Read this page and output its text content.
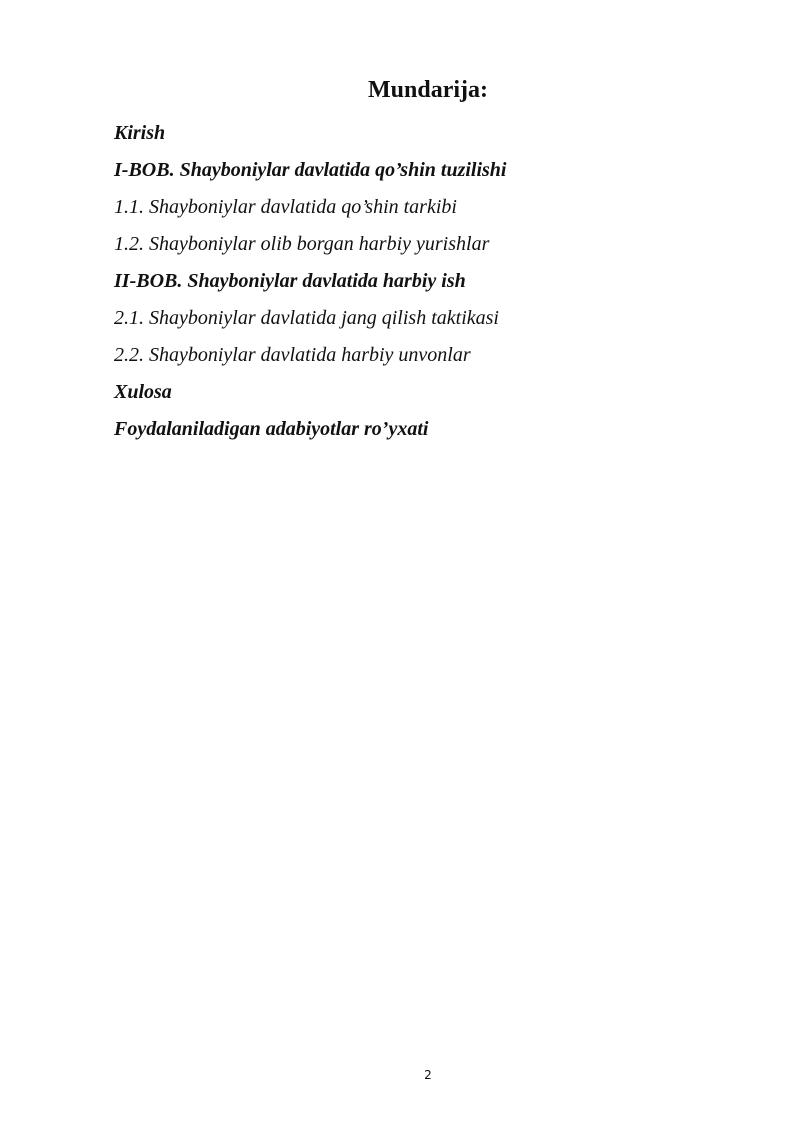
Mundarija:
Kirish
I-BOB. Shayboniylar davlatida qo’shin tuzilishi
1.1. Shayboniylar davlatida qo’shin tarkibi
1.2. Shayboniylar olib borgan harbiy yurishlar
II-BOB. Shayboniylar davlatida harbiy ish
2.1. Shayboniylar davlatida jang qilish taktikasi
2.2. Shayboniylar davlatida harbiy unvonlar
Xulosa
Foydalaniladigan adabiyotlar ro’yxati
2
